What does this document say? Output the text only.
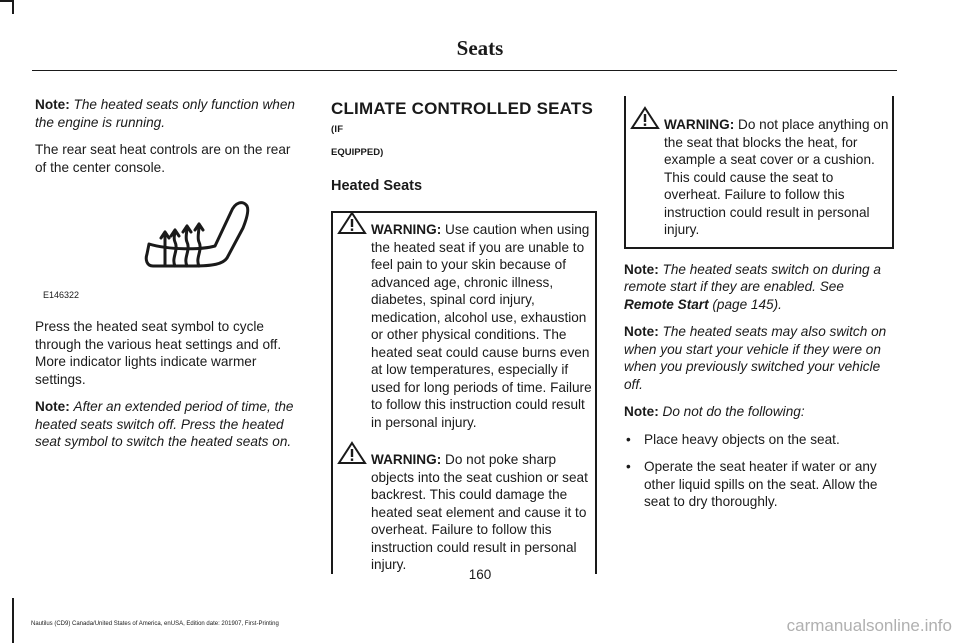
Seats

Note: The heated seats only function when the engine is running.

The rear seat heat controls are on the rear of the center console.

E146322

Press the heated seat symbol to cycle through the various heat settings and off. More indicator lights indicate warmer settings.

Note: After an extended period of time, the heated seats switch off. Press the heated seat symbol to switch the heated seats on.

CLIMATE CONTROLLED SEATS (IF
EQUIPPED)
Heated Seats
WARNING: Use caution when using the heated seat if you are unable to feel pain to your skin because of advanced age, chronic illness, diabetes, spinal cord injury, medication, alcohol use, exhaustion or other physical conditions. The heated seat could cause burns even at low temperatures, especially if used for long periods of time. Failure to follow this instruction could result in personal injury.
WARNING: Do not poke sharp objects into the seat cushion or seat backrest. This could damage the heated seat element and cause it to overheat. Failure to follow this instruction could result in personal injury.
WARNING: Do not place anything on the seat that blocks the heat, for example a seat cover or a cushion. This could cause the seat to overheat. Failure to follow this instruction could result in personal injury.

Note: The heated seats switch on during a remote start if they are enabled. See Remote Start (page 145).

Note: The heated seats may also switch on when you start your vehicle if they were on when you previously switched your vehicle off.

Note: Do not do the following:

• Place heavy objects on the seat.
• Operate the seat heater if water or any other liquid spills on the seat. Allow the seat to dry thoroughly.
160
Nautilus (CD9) Canada/United States of America, enUSA, Edition date: 201907, First-Printing	carmanualsonline.info
